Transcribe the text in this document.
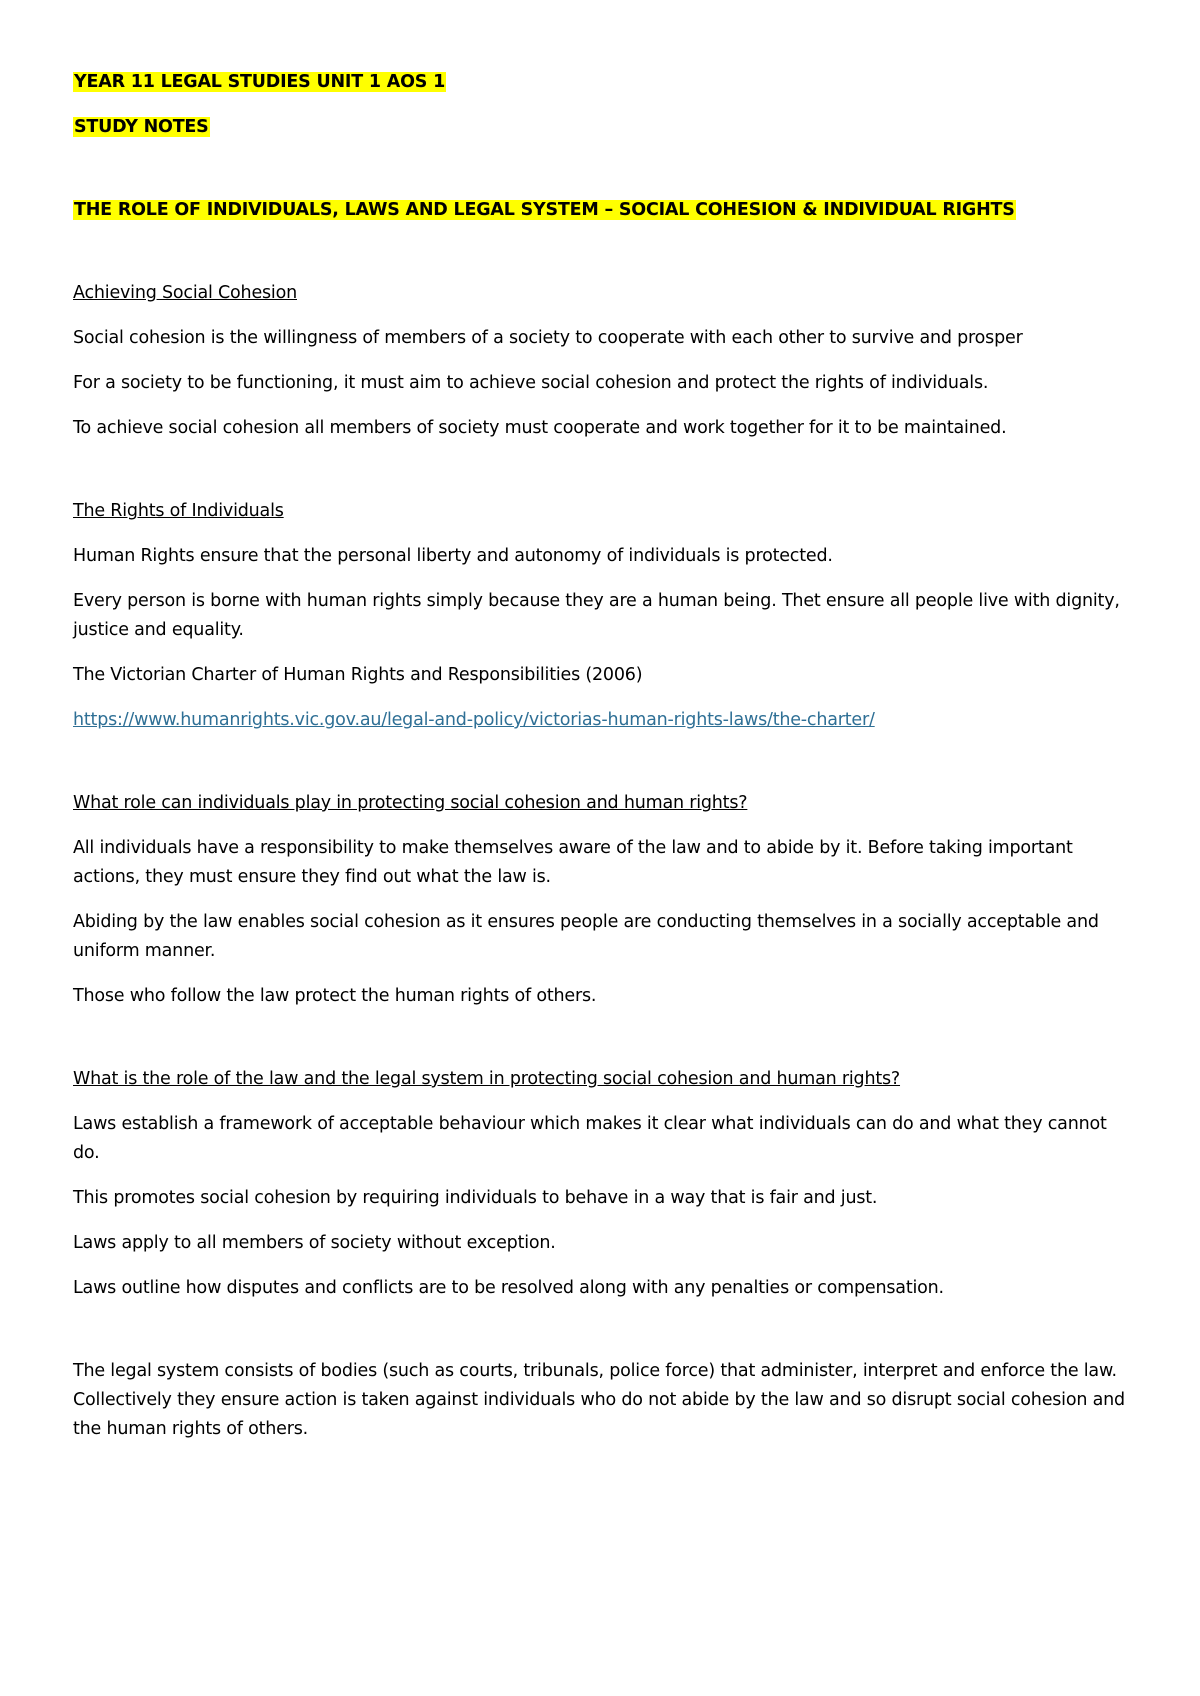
YEAR 11 LEGAL STUDIES UNIT 1 AOS 1

STUDY NOTES

THE ROLE OF INDIVIDUALS, LAWS AND LEGAL SYSTEM – SOCIAL COHESION & INDIVIDUAL RIGHTS

Achieving Social Cohesion

Social cohesion is the willingness of members of a society to cooperate with each other to survive and prosper

For a society to be functioning, it must aim to achieve social cohesion and protect the rights of individuals.

To achieve social cohesion all members of society must cooperate and work together for it to be maintained.

The Rights of Individuals

Human Rights ensure that the personal liberty and autonomy of individuals is protected.

Every person is borne with human rights simply because they are a human being. Thet ensure all people live with dignity, justice and equality.

The Victorian Charter of Human Rights and Responsibilities (2006)

https://www.humanrights.vic.gov.au/legal-and-policy/victorias-human-rights-laws/the-charter/

What role can individuals play in protecting social cohesion and human rights?

All individuals have a responsibility to make themselves aware of the law and to abide by it. Before taking important actions, they must ensure they find out what the law is.

Abiding by the law enables social cohesion as it ensures people are conducting themselves in a socially acceptable and uniform manner.

Those who follow the law protect the human rights of others.

What is the role of the law and the legal system in protecting social cohesion and human rights?

Laws establish a framework of acceptable behaviour which makes it clear what individuals can do and what they cannot do.

This promotes social cohesion by requiring individuals to behave in a way that is fair and just.

Laws apply to all members of society without exception.

Laws outline how disputes and conflicts are to be resolved along with any penalties or compensation.

The legal system consists of bodies (such as courts, tribunals, police force) that administer, interpret and enforce the law. Collectively they ensure action is taken against individuals who do not abide by the law and so disrupt social cohesion and the human rights of others.
